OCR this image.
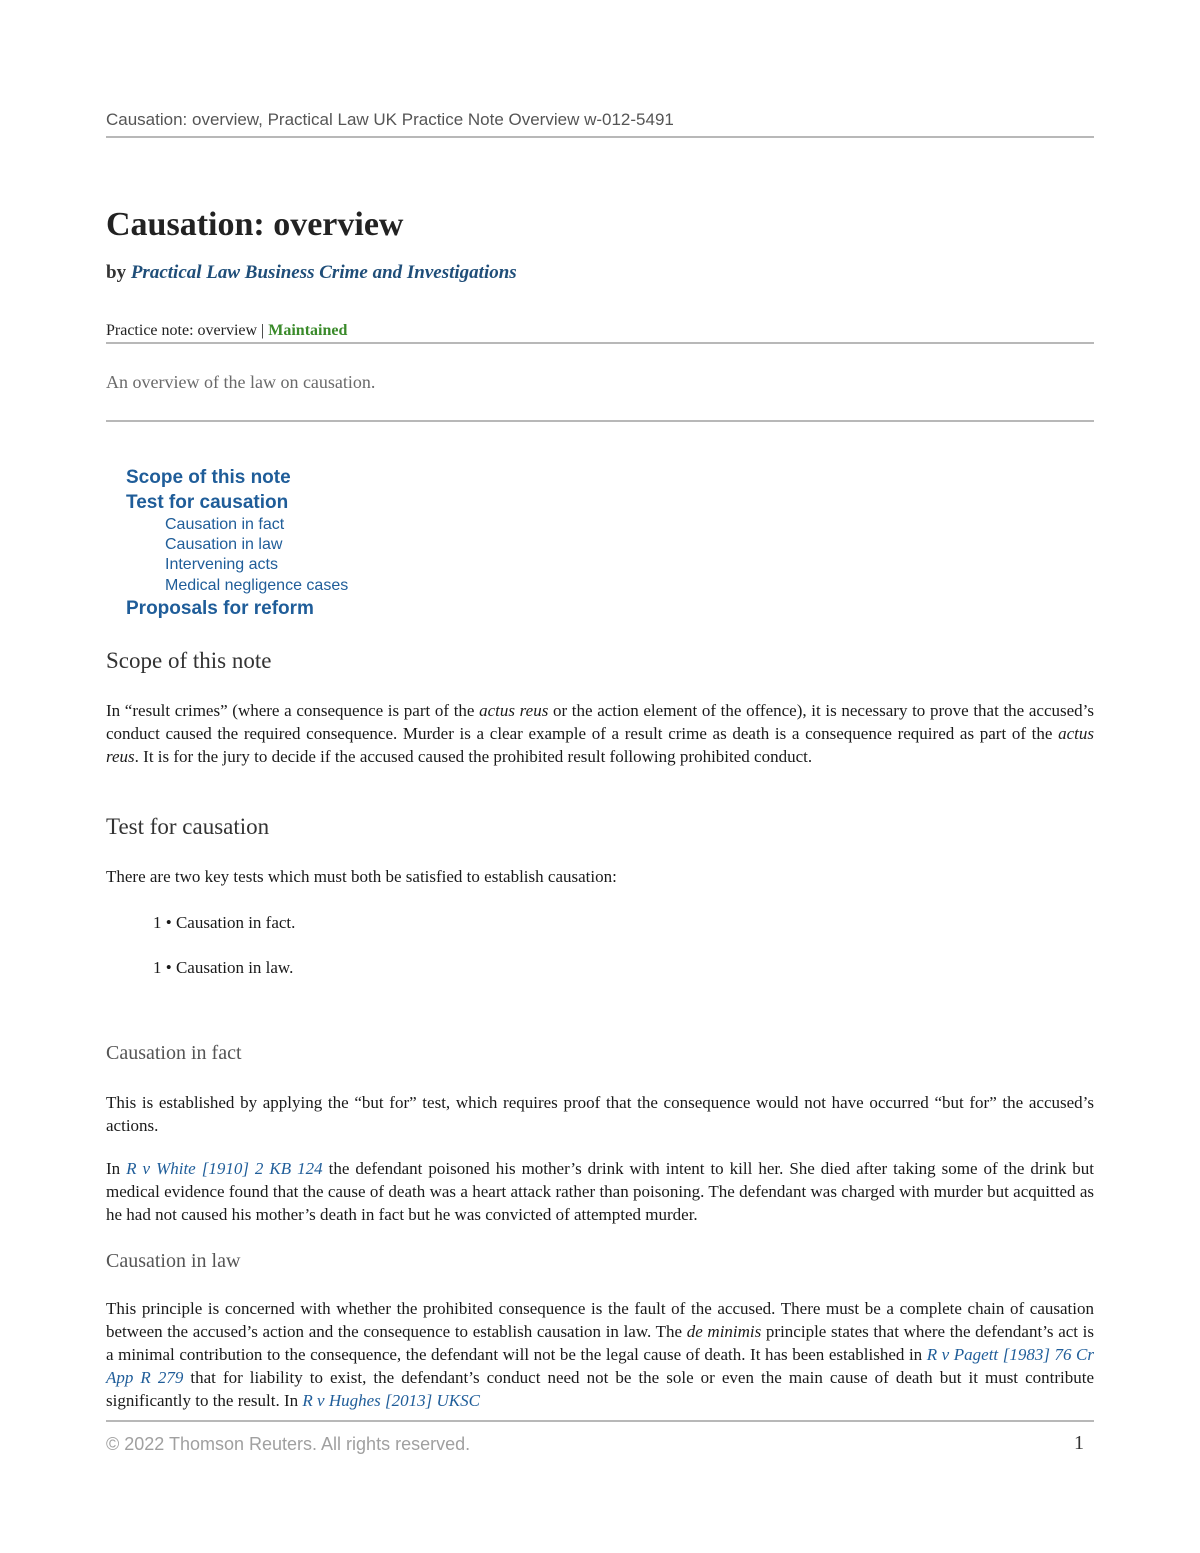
Causation: overview, Practical Law UK Practice Note Overview w-012-5491
Causation: overview
by Practical Law Business Crime and Investigations
Practice note: overview | Maintained
An overview of the law on causation.
Scope of this note
Test for causation
Causation in fact
Causation in law
Intervening acts
Medical negligence cases
Proposals for reform
Scope of this note
In “result crimes” (where a consequence is part of the actus reus or the action element of the offence), it is necessary to prove that the accused’s conduct caused the required consequence. Murder is a clear example of a result crime as death is a consequence required as part of the actus reus. It is for the jury to decide if the accused caused the prohibited result following prohibited conduct.
Test for causation
There are two key tests which must both be satisfied to establish causation:
1 • Causation in fact.
1 • Causation in law.
Causation in fact
This is established by applying the “but for” test, which requires proof that the consequence would not have occurred “but for” the accused’s actions.
In R v White [1910] 2 KB 124 the defendant poisoned his mother’s drink with intent to kill her. She died after taking some of the drink but medical evidence found that the cause of death was a heart attack rather than poisoning. The defendant was charged with murder but acquitted as he had not caused his mother’s death in fact but he was convicted of attempted murder.
Causation in law
This principle is concerned with whether the prohibited consequence is the fault of the accused. There must be a complete chain of causation between the accused’s action and the consequence to establish causation in law. The de minimis principle states that where the defendant’s act is a minimal contribution to the consequence, the defendant will not be the legal cause of death. It has been established in R v Pagett [1983] 76 Cr App R 279 that for liability to exist, the defendant’s conduct need not be the sole or even the main cause of death but it must contribute significantly to the result. In R v Hughes [2013] UKSC
© 2022 Thomson Reuters. All rights reserved.	1
